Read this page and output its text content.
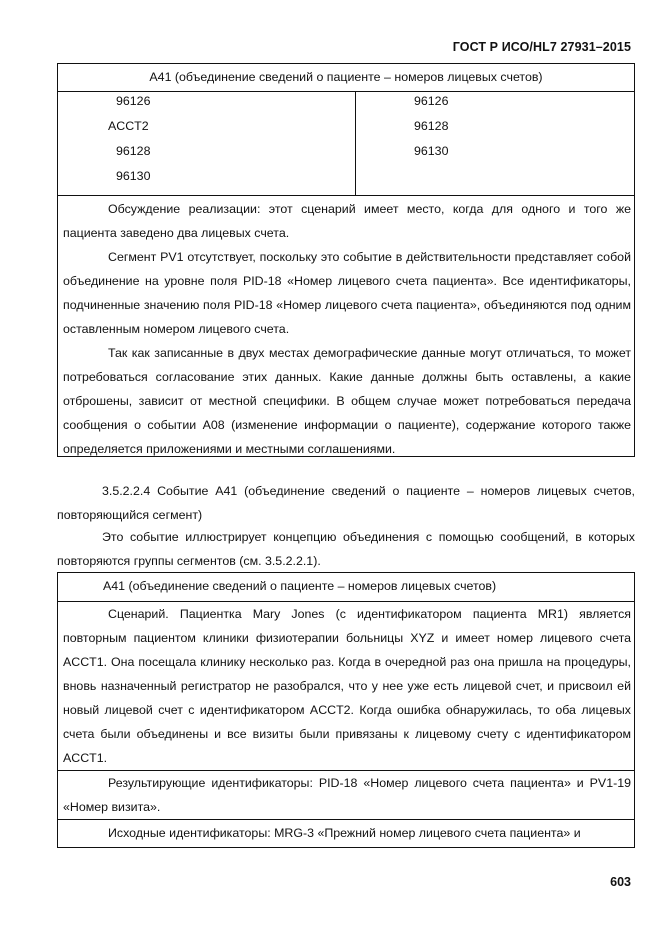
ГОСТ Р ИСО/HL7 27931–2015
A41 (объединение сведений о пациенте – номеров лицевых счетов)
96126
ACCT2
96128
96130
96126
96128
96130
Обсуждение реализации: этот сценарий имеет место, когда для одного и того же пациента заведено два лицевых счета.
Сегмент PV1 отсутствует, поскольку это событие в действительности представляет собой объединение на уровне поля PID-18 «Номер лицевого счета пациента». Все идентификаторы, подчиненные значению поля PID-18 «Номер лицевого счета пациента», объединяются под одним оставленным номером лицевого счета.
Так как записанные в двух местах демографические данные могут отличаться, то может потребоваться согласование этих данных. Какие данные должны быть оставлены, а какие отброшены, зависит от местной специфики. В общем случае может потребоваться передача сообщения о событии A08 (изменение информации о пациенте), содержание которого также определяется приложениями и местными соглашениями.
3.5.2.2.4 Событие A41 (объединение сведений о пациенте – номеров лицевых счетов, повторяющийся сегмент)
Это событие иллюстрирует концепцию объединения с помощью сообщений, в которых повторяются группы сегментов (см. 3.5.2.2.1).
A41 (объединение сведений о пациенте – номеров лицевых счетов)
Сценарий. Пациентка Mary Jones (с идентификатором пациента MR1) является повторным пациентом клиники физиотерапии больницы XYZ и имеет номер лицевого счета ACCT1. Она посещала клинику несколько раз. Когда в очередной раз она пришла на процедуры, вновь назначенный регистратор не разобрался, что у нее уже есть лицевой счет, и присвоил ей новый лицевой счет с идентификатором ACCT2. Когда ошибка обнаружилась, то оба лицевых счета были объединены и все визиты были привязаны к лицевому счету с идентификатором ACCT1.
Результирующие идентификаторы: PID-18 «Номер лицевого счета пациента» и PV1-19 «Номер визита».
Исходные идентификаторы: MRG-3 «Прежний номер лицевого счета пациента» и
603
